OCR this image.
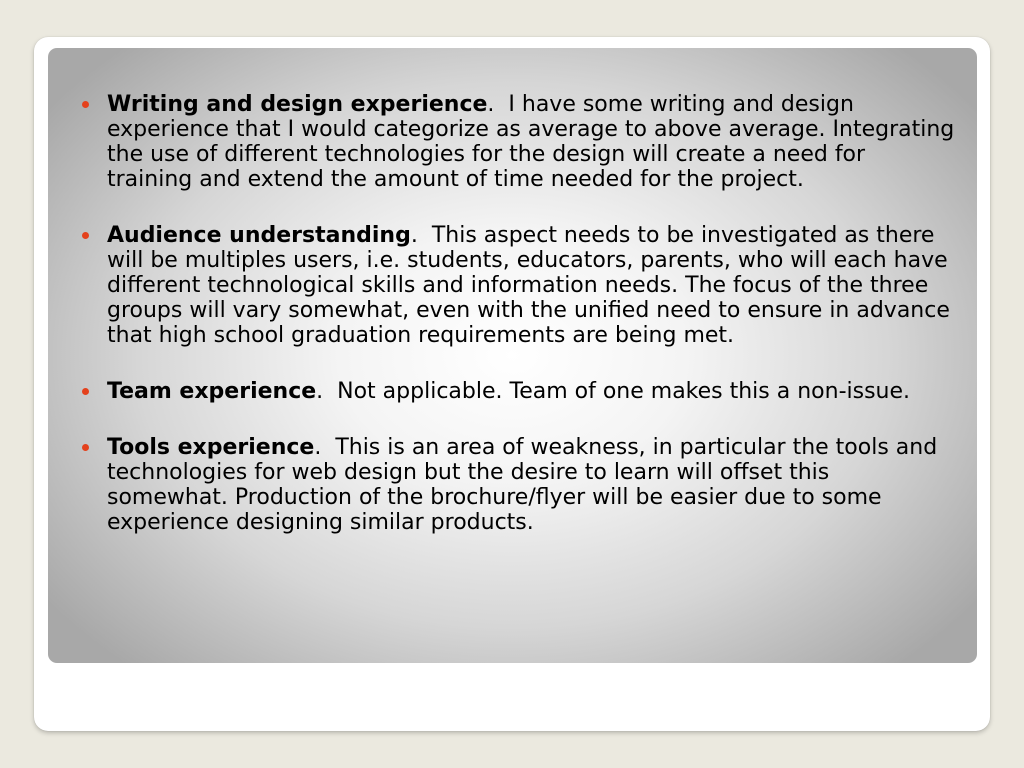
Writing and design experience.  I have some writing and design experience that I would categorize as average to above average. Integrating the use of different technologies for the design will create a need for training and extend the amount of time needed for the project.
Audience understanding.  This aspect needs to be investigated as there will be multiples users, i.e. students, educators, parents, who will each have different technological skills and information needs. The focus of the three groups will vary somewhat, even with the unified need to ensure in advance that high school graduation requirements are being met.
Team experience.  Not applicable. Team of one makes this a non-issue.
Tools experience.  This is an area of weakness, in particular the tools and technologies for web design but the desire to learn will offset this somewhat. Production of the brochure/flyer will be easier due to some experience designing similar products.
